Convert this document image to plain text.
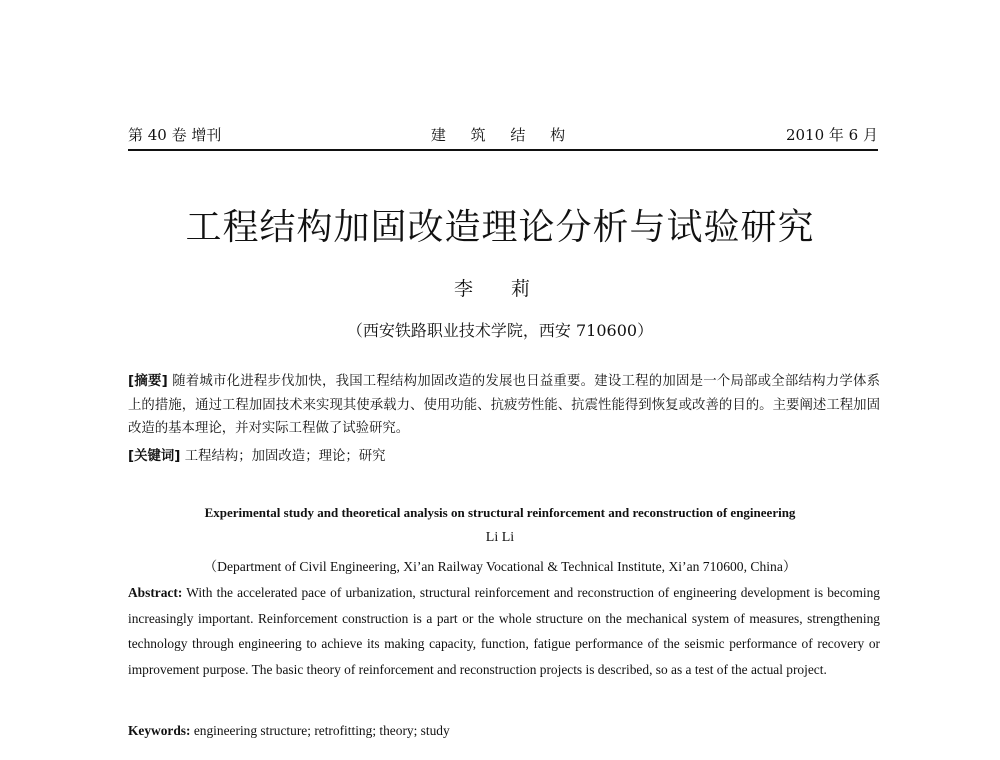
第 40 卷 增刊	建 筑 结 构	2010 年 6 月
工程结构加固改造理论分析与试验研究
李 莉
（西安铁路职业技术学院，西安 710600）
[摘要] 随着城市化进程步伐加快，我国工程结构加固改造的发展也日益重要。建设工程的加固是一个局部或全部结构力学体系上的措施，通过工程加固技术来实现其使承载力、使用功能、抗疲劳性能、抗震性能得到恢复或改善的目的。主要阐述工程加固改造的基本理论，并对实际工程做了试验研究。
[关键词] 工程结构；加固改造；理论；研究
Experimental study and theoretical analysis on structural reinforcement and reconstruction of engineering
Li Li
（Department of Civil Engineering, Xi’an Railway Vocational & Technical Institute, Xi’an 710600, China）
Abstract: With the accelerated pace of urbanization, structural reinforcement and reconstruction of engineering development is becoming increasingly important. Reinforcement construction is a part or the whole structure on the mechanical system of measures, strengthening technology through engineering to achieve its making capacity, function, fatigue performance of the seismic performance of recovery or improvement purpose. The basic theory of reinforcement and reconstruction projects is described, so as a test of the actual project.
Keywords: engineering structure; retrofitting; theory; study
